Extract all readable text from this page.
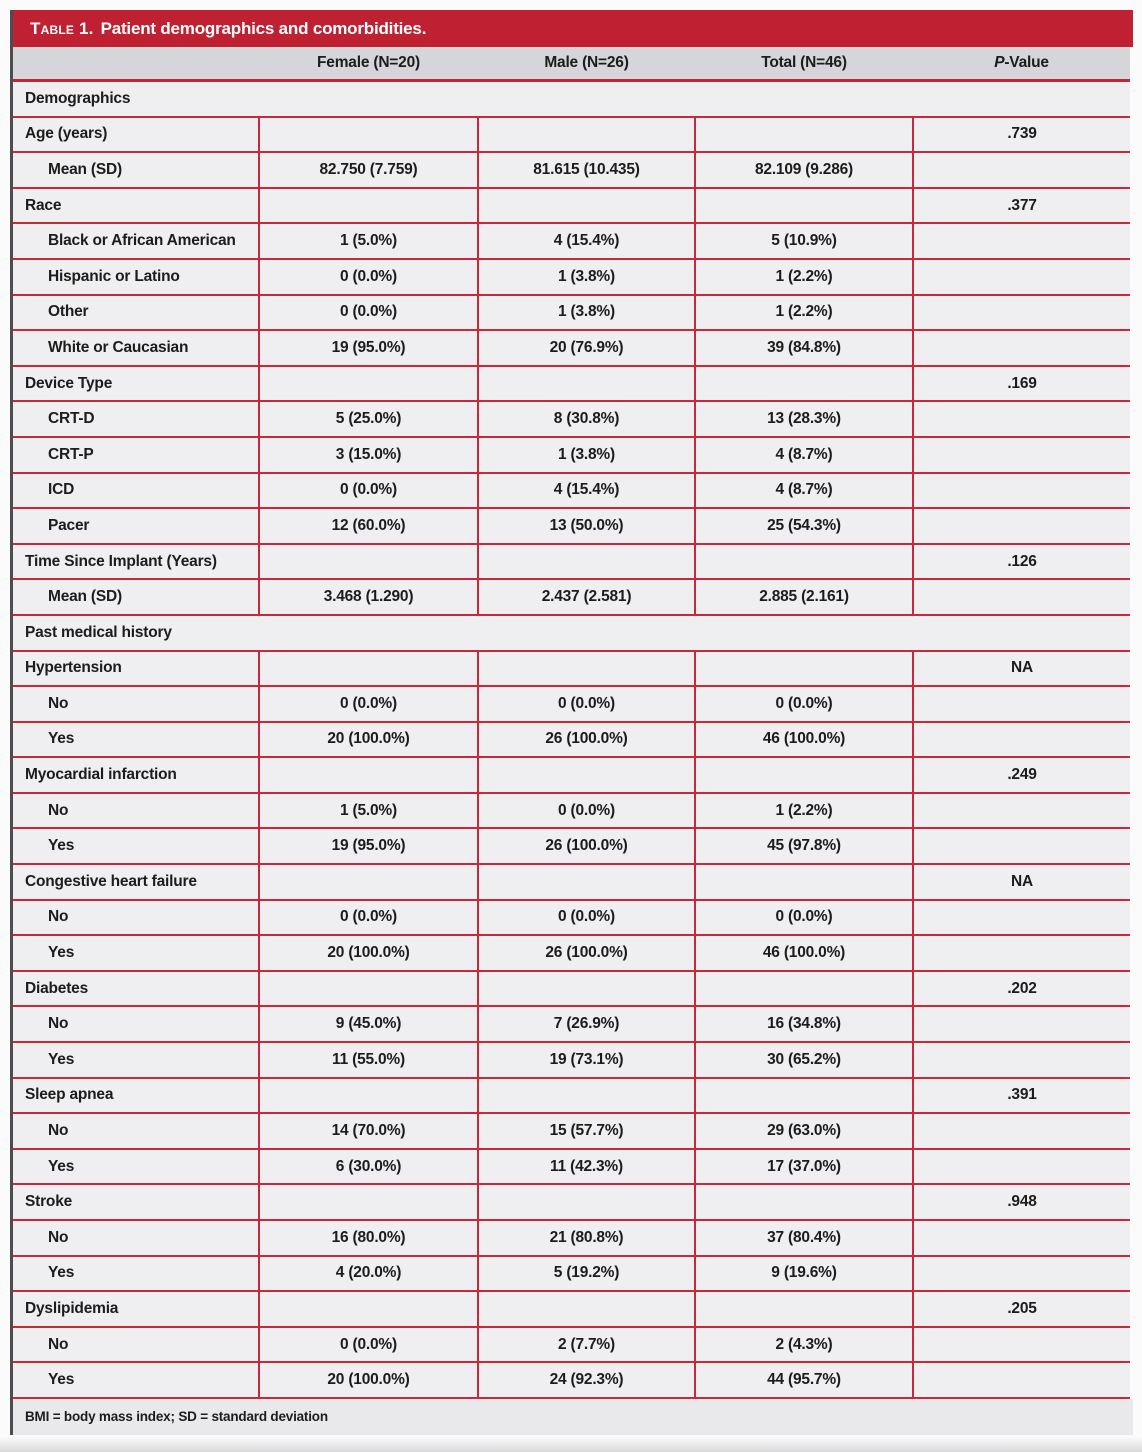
Table 1. Patient demographics and comorbidities.
	Female (N=20)	Male (N=26)	Total (N=46)	P-Value
Demographics				
Age (years)				.739
Mean (SD)	82.750 (7.759)	81.615 (10.435)	82.109 (9.286)	
Race				.377
Black or African American	1 (5.0%)	4 (15.4%)	5 (10.9%)	
Hispanic or Latino	0 (0.0%)	1 (3.8%)	1 (2.2%)	
Other	0 (0.0%)	1 (3.8%)	1 (2.2%)	
White or Caucasian	19 (95.0%)	20 (76.9%)	39 (84.8%)	
Device Type				.169
CRT-D	5 (25.0%)	8 (30.8%)	13 (28.3%)	
CRT-P	3 (15.0%)	1 (3.8%)	4 (8.7%)	
ICD	0 (0.0%)	4 (15.4%)	4 (8.7%)	
Pacer	12 (60.0%)	13 (50.0%)	25 (54.3%)	
Time Since Implant (Years)				.126
Mean (SD)	3.468 (1.290)	2.437 (2.581)	2.885 (2.161)	
Past medical history				
Hypertension				NA
No	0 (0.0%)	0 (0.0%)	0 (0.0%)	
Yes	20 (100.0%)	26 (100.0%)	46 (100.0%)	
Myocardial infarction				.249
No	1 (5.0%)	0 (0.0%)	1 (2.2%)	
Yes	19 (95.0%)	26 (100.0%)	45 (97.8%)	
Congestive heart failure				NA
No	0 (0.0%)	0 (0.0%)	0 (0.0%)	
Yes	20 (100.0%)	26 (100.0%)	46 (100.0%)	
Diabetes				.202
No	9 (45.0%)	7 (26.9%)	16 (34.8%)	
Yes	11 (55.0%)	19 (73.1%)	30 (65.2%)	
Sleep apnea				.391
No	14 (70.0%)	15 (57.7%)	29 (63.0%)	
Yes	6 (30.0%)	11 (42.3%)	17 (37.0%)	
Stroke				.948
No	16 (80.0%)	21 (80.8%)	37 (80.4%)	
Yes	4 (20.0%)	5 (19.2%)	9 (19.6%)	
Dyslipidemia				.205
No	0 (0.0%)	2 (7.7%)	2 (4.3%)	
Yes	20 (100.0%)	24 (92.3%)	44 (95.7%)	
BMI = body mass index; SD = standard deviation
